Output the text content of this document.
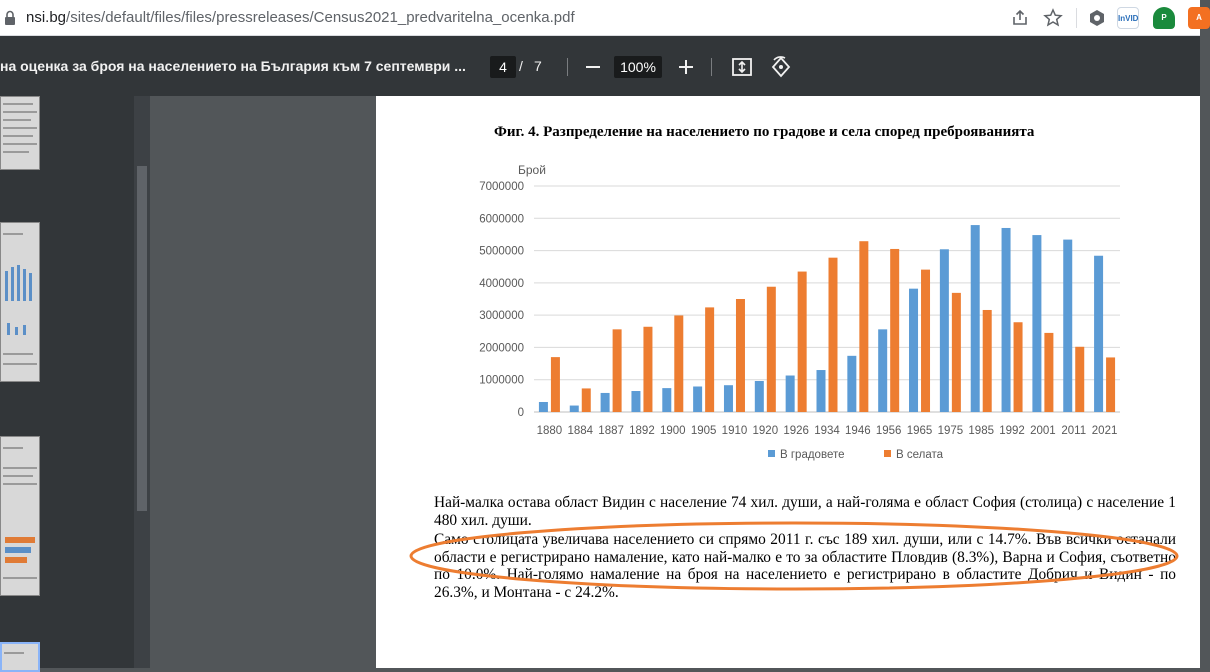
nsi.bg/sites/default/files/files/pressreleases/Census2021_predvaritelna_ocenka.pdf	InVID	P	A
на оценка за броя на населението на България към 7 септември ...	4 / 7	100%
Фиг. 4. Разпределение на населението по градове и села според преброяванията
Брой
0
1000000
2000000
3000000
4000000
5000000
6000000
7000000
1880 1884 1887 1892 1900 1905 1910 1920 1926 1934 1946 1956 1965 1975 1985 1992 2001 2011 2021
В градовете	В селата
Най-малка остава област Видин с население 74 хил. души, а най-голяма е област София (столица) с население 1 480 хил. души.
Само столицата увеличава населението си спрямо 2011 г. със 189 хил. души, или с 14.7%. Във всички останали области е регистрирано намаление, като най-малко е то за областите Пловдив (8.3%), Варна и София, съответно по 10.0%. Най-голямо намаление на броя на населението е регистрирано в областите Добрич и Видин - по 26.3%, и Монтана - с 24.2%.
